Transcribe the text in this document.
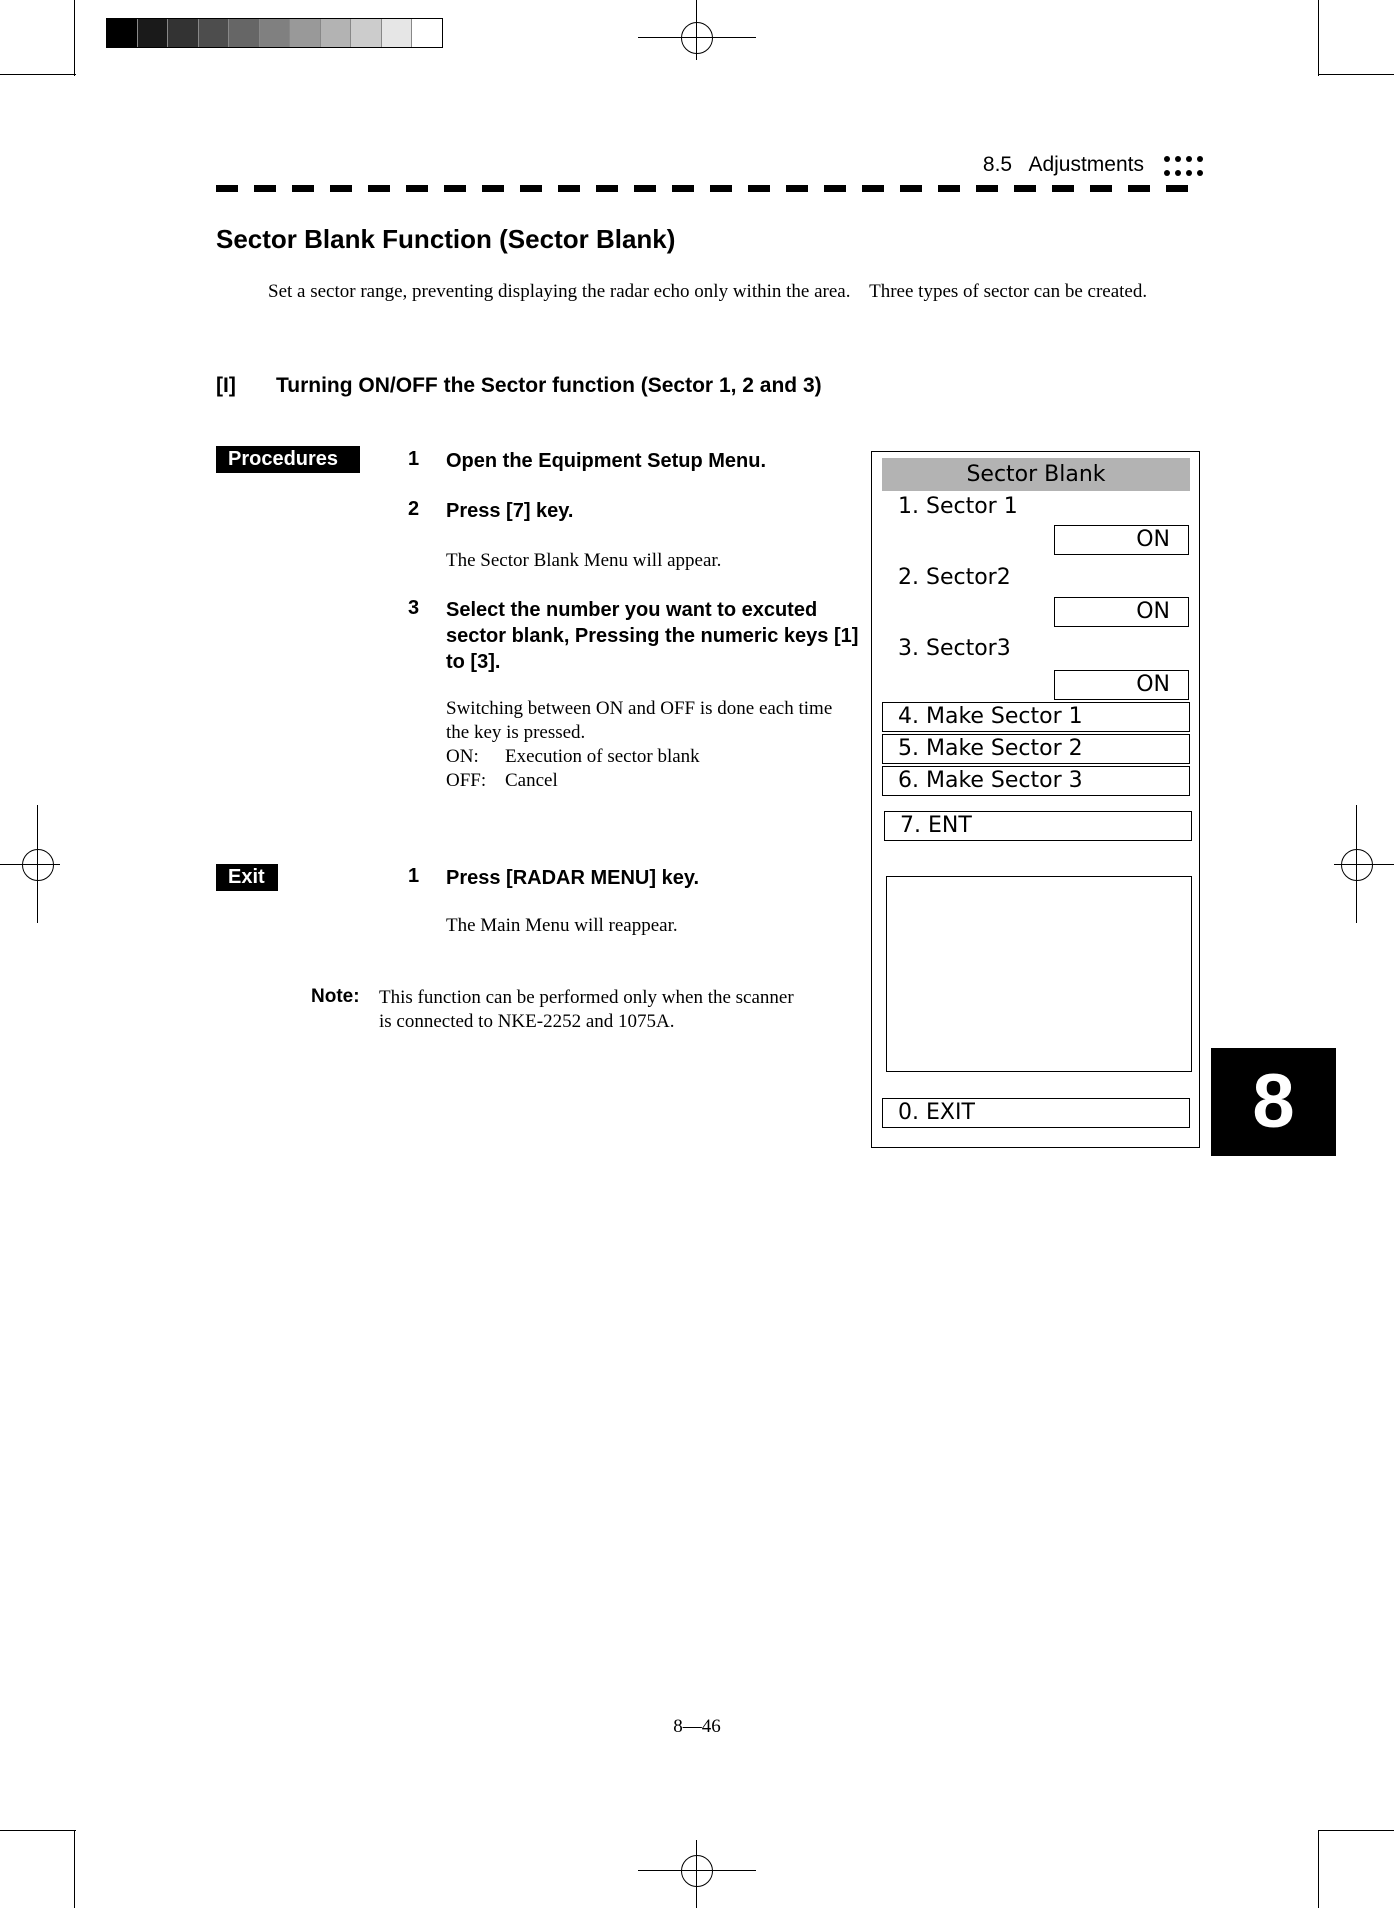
8.5   Adjustments
Sector Blank Function (Sector Blank)
Set a sector range, preventing displaying the radar echo only within the area.    Three types of sector can be created.
[I] Turning ON/OFF the Sector function (Sector 1, 2 and 3)
Procedures	1 Open the Equipment Setup Menu.
2 Press [7] key.
The Sector Blank Menu will appear.
3 Select the number you want to excuted sector blank, Pressing the numeric keys [1] to [3].
Switching between ON and OFF is done each time the key is pressed.
ON: Execution of sector blank
OFF: Cancel
Exit	1 Press [RADAR MENU] key.
The Main Menu will reappear.
Note: This function can be performed only when the scanner
is connected to NKE-2252 and 1075A.
Sector Blank
1. Sector 1
ON
2. Sector2
ON
3. Sector3
ON
4. Make Sector 1
5. Make Sector 2
6. Make Sector 3
7. ENT
0. EXIT	8
8—46
